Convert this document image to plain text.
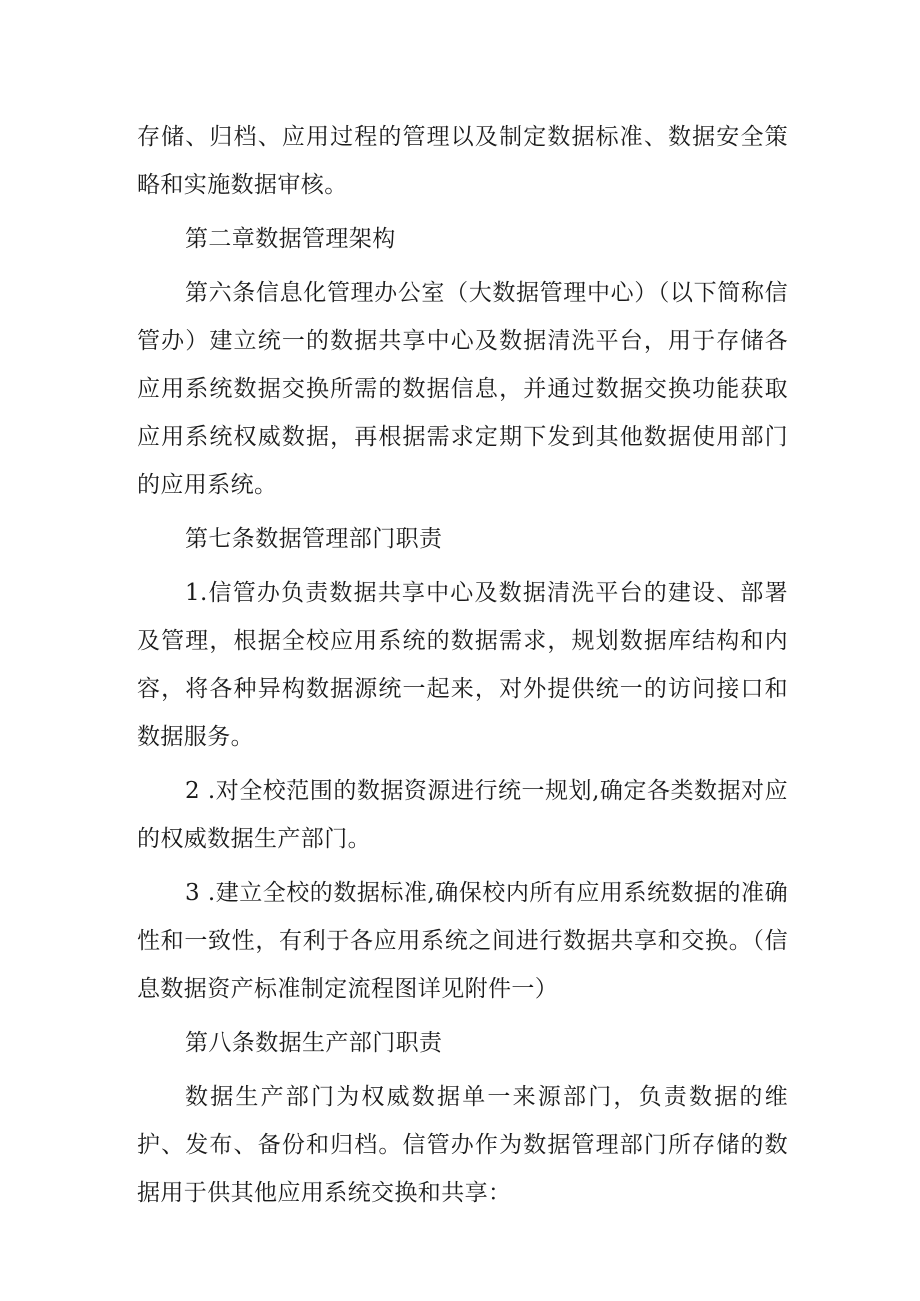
存储、归档、应用过程的管理以及制定数据标准、数据安全策略和实施数据审核。

第二章数据管理架构

第六条信息化管理办公室（大数据管理中心）（以下简称信管办）建立统一的数据共享中心及数据清洗平台，用于存储各应用系统数据交换所需的数据信息，并通过数据交换功能获取应用系统权威数据，再根据需求定期下发到其他数据使用部门的应用系统。

第七条数据管理部门职责

1.信管办负责数据共享中心及数据清洗平台的建设、部署及管理，根据全校应用系统的数据需求，规划数据库结构和内容，将各种异构数据源统一起来，对外提供统一的访问接口和数据服务。

2 .对全校范围的数据资源进行统一规划,确定各类数据对应的权威数据生产部门。

3 .建立全校的数据标准,确保校内所有应用系统数据的准确性和一致性，有利于各应用系统之间进行数据共享和交换。（信息数据资产标准制定流程图详见附件一）

第八条数据生产部门职责

数据生产部门为权威数据单一来源部门，负责数据的维护、发布、备份和归档。信管办作为数据管理部门所存储的数据用于供其他应用系统交换和共享：
